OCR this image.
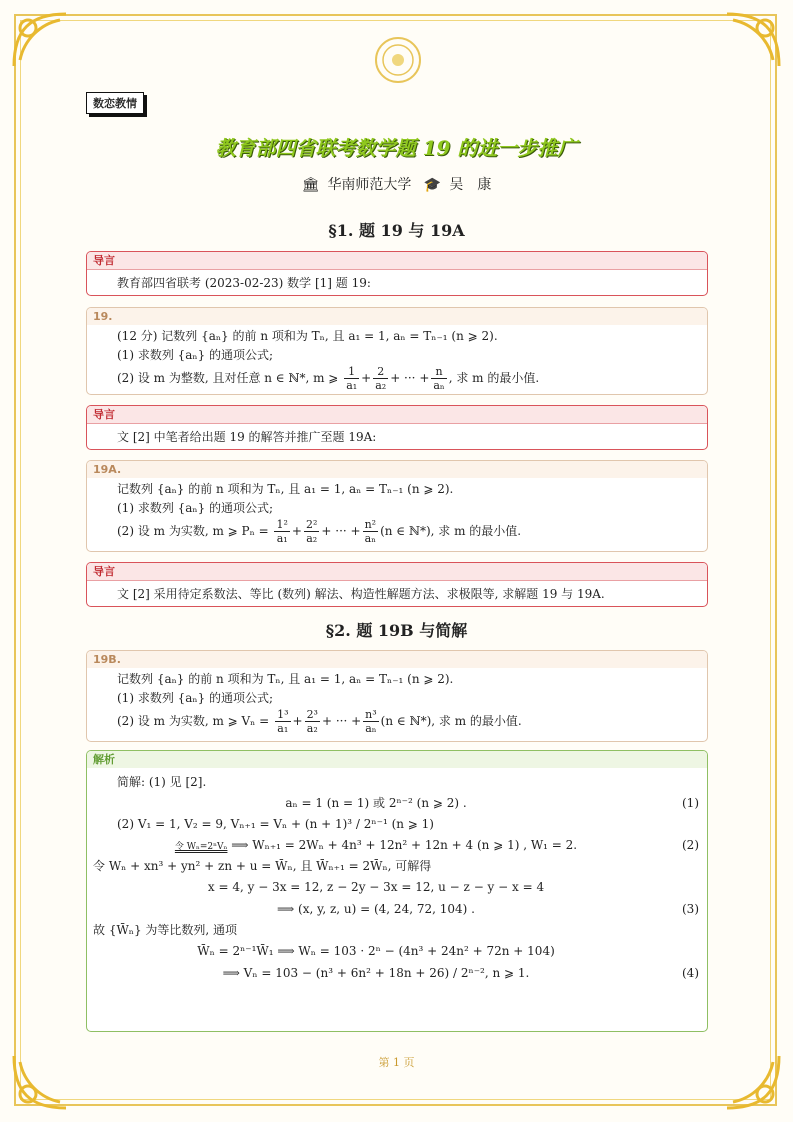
数恋教情
教育部四省联考数学题 19 的进一步推广
🏛 华南师范大学 🎓 吴　康
§1. 题 19 与 19A
导言
教育部四省联考 (2023-02-23) 数学 [1] 题 19:
19.
(12 分) 记数列 {aₙ} 的前 n 项和为 Tₙ, 且 a₁ = 1, aₙ = Tₙ₋₁ (n ⩾ 2).
(1) 求数列 {aₙ} 的通项公式;
(2) 设 m 为整数, 且对任意 n ∈ ℕ*, m ⩾ $\frac{1}{\text{a₁}} + \frac{2}{\text{a₂}}$ + ··· + $\frac{n}{\text{aₙ}}$ , 求 m 的最小值.
导言
文 [2] 中笔者给出题 19 的解答并推广至题 19A:
19A.
记数列 {aₙ} 的前 n 项和为 Tₙ, 且 a₁ = 1, aₙ = Tₙ₋₁ (n ⩾ 2).
(1) 求数列 {aₙ} 的通项公式;
(2) 设 m 为实数, m ⩾ $P_n = \frac{\text{1²}}{\text{a₁}} + \frac{\text{2²}}{\text{a₂}}$ + ··· + $\frac{\text{n²}}{\text{aₙ}} (n$ ∈ ℕ*), 求 m 的最小值.
导言
文 [2] 采用待定系数法、等比 (数列) 解法、构造性解题方法、求极限等, 求解题 19 与 19A.
§2. 题 19B 与简解
19B.
记数列 {aₙ} 的前 n 项和为 Tₙ, 且 a₁ = 1, aₙ = Tₙ₋₁ (n ⩾ 2).
(1) 求数列 {aₙ} 的通项公式;
(2) 设 m 为实数, m ⩾ $V_n = \frac{\text{1³}}{\text{a₁}} + \frac{\text{2³}}{\text{a₂}}$ + ··· + $\frac{\text{n³}}{\text{aₙ}} (n$ ∈ ℕ*), 求 m 的最小值.
解析
简解: (1) 见 [2].
aₙ = 1 (n = 1) 或 2ⁿ⁻² (n ⩾ 2) .	(1)
(2) V₁ = 1, V₂ = 9, Vₙ₊₁ = Vₙ + (n + 1)³ / 2ⁿ⁻¹ (n ⩾ 1)
令 Wₙ=2ⁿVₙ ⟹ Wₙ₊₁ = 2Wₙ + 4n³ + 12n² + 12n + 4 (n ⩾ 1) , W₁ = 2.	(2)
令 Wₙ + xn³ + yn² + zn + u = W̄ₙ, 且 W̄ₙ₊₁ = 2W̄ₙ, 可解得
x = 4, y − 3x = 12, z − 2y − 3x = 12, u − z − y − x = 4
⟹ (x, y, z, u) = (4, 24, 72, 104) .	(3)
故 {W̄ₙ} 为等比数列, 通项
W̄ₙ = 2ⁿ⁻¹W̄₁ ⟹ Wₙ = 103 · 2ⁿ − (4n³ + 24n² + 72n + 104)
⟹ Vₙ = 103 − (n³ + 6n² + 18n + 26) / 2ⁿ⁻², n ⩾ 1.	(4)
第 1 页
